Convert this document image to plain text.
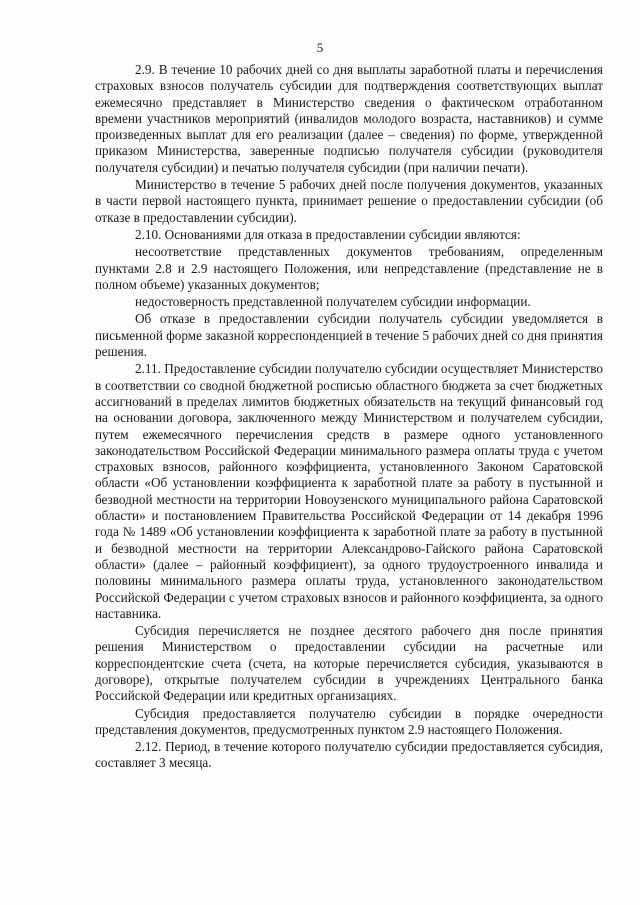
5

2.9. В течение 10 рабочих дней со дня выплаты заработной платы и перечисления страховых взносов получатель субсидии для подтверждения соответствующих выплат ежемесячно представляет в Министерство сведения о фактическом отработанном времени участников мероприятий (инвалидов молодого возраста, наставников) и сумме произведенных выплат для его реализации (далее – сведения) по форме, утвержденной приказом Министерства, заверенные подписью получателя субсидии (руководителя получателя субсидии) и печатью получателя субсидии (при наличии печати).

Министерство в течение 5 рабочих дней после получения документов, указанных в части первой настоящего пункта, принимает решение о предоставлении субсидии (об отказе в предоставлении субсидии).

2.10. Основаниями для отказа в предоставлении субсидии являются:

несоответствие представленных документов требованиям, определенным пунктами 2.8 и 2.9 настоящего Положения, или непредставление (представление не в полном объеме) указанных документов;

недостоверность представленной получателем субсидии информации.

Об отказе в предоставлении субсидии получатель субсидии уведомляется в письменной форме заказной корреспонденцией в течение 5 рабочих дней со дня принятия решения.

2.11. Предоставление субсидии получателю субсидии осуществляет Министерство в соответствии со сводной бюджетной росписью областного бюджета за счет бюджетных ассигнований в пределах лимитов бюджетных обязательств на текущий финансовый год на основании договора, заключенного между Министерством и получателем субсидии, путем ежемесячного перечисления средств в размере одного установленного законодательством Российской Федерации минимального размера оплаты труда с учетом страховых взносов, районного коэффициента, установленного Законом Саратовской области «Об установлении коэффициента к заработной плате за работу в пустынной и безводной местности на территории Новоузенского муниципального района Саратовской области» и постановлением Правительства Российской Федерации от 14 декабря 1996 года № 1489 «Об установлении коэффициента к заработной плате за работу в пустынной и безводной местности на территории Александрово-Гайского района Саратовской области» (далее – районный коэффициент), за одного трудоустроенного инвалида и половины минимального размера оплаты труда, установленного законодательством Российской Федерации с учетом страховых взносов и районного коэффициента, за одного наставника.

Субсидия перечисляется не позднее десятого рабочего дня после принятия решения Министерством о предоставлении субсидии на расчетные или корреспондентские счета (счета, на которые перечисляется субсидия, указываются в договоре), открытые получателем субсидии в учреждениях Центрального банка Российской Федерации или кредитных организациях.

Субсидия предоставляется получателю субсидии в порядке очередности представления документов, предусмотренных пунктом 2.9 настоящего Положения.

2.12. Период, в течение которого получателю субсидии предоставляется субсидия, составляет 3 месяца.
